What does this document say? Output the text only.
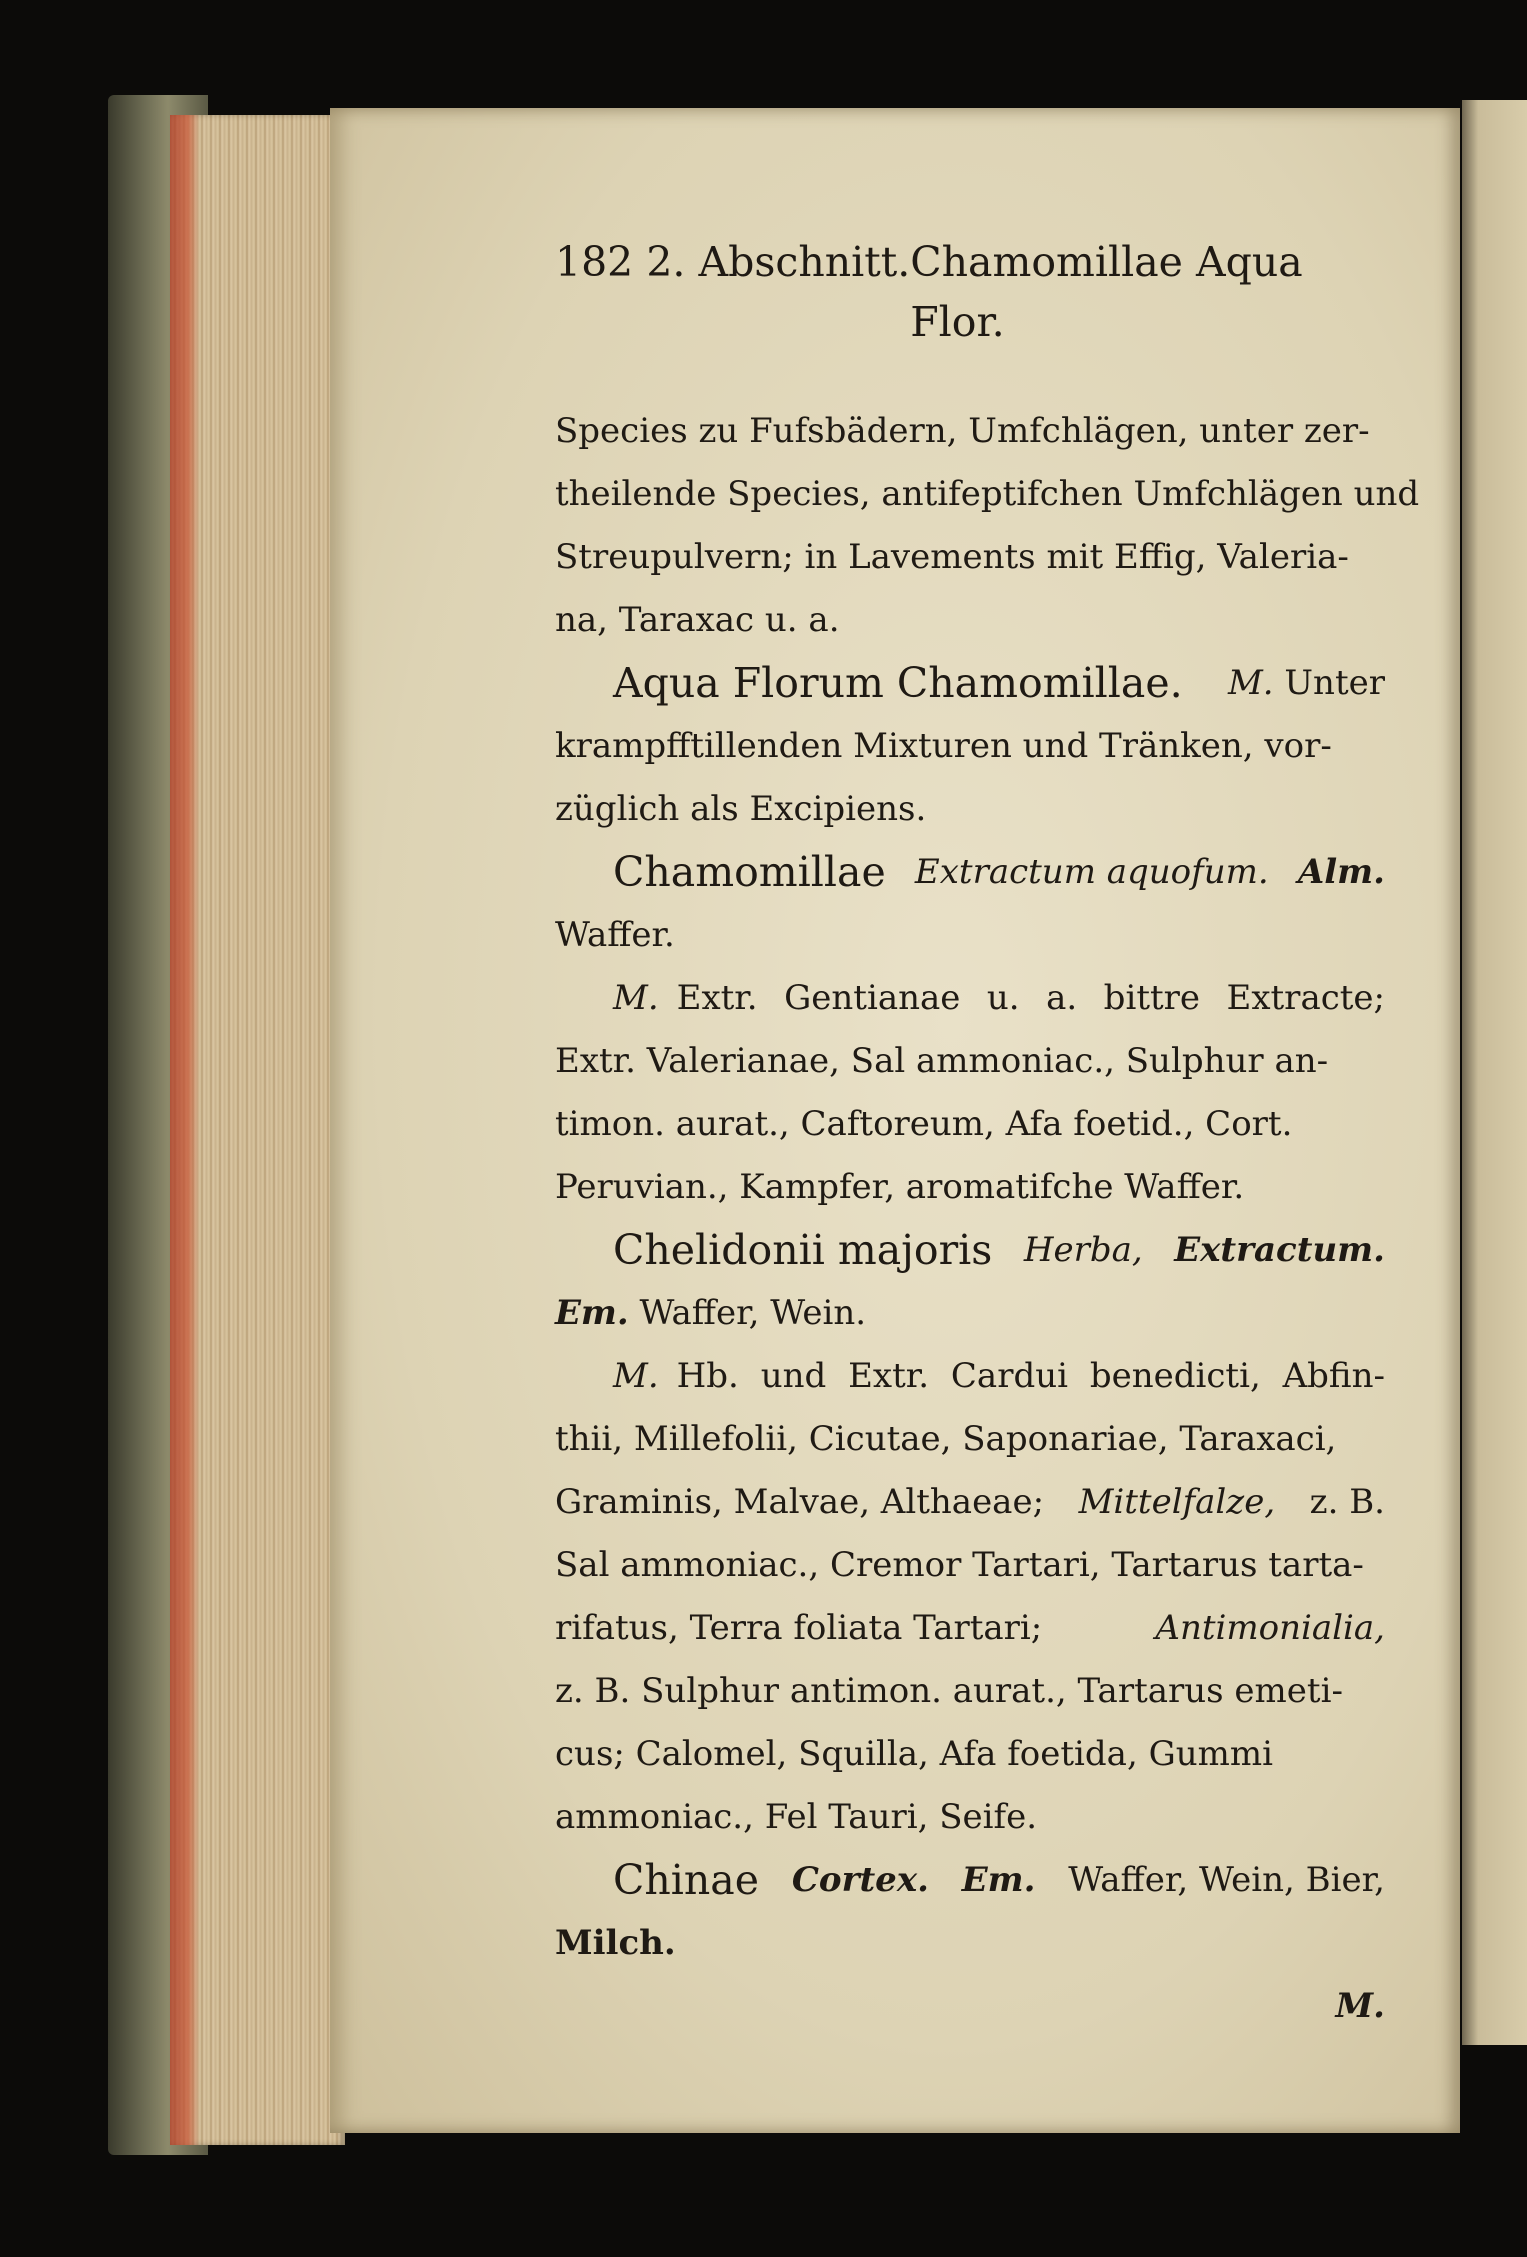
182 2. Abschnitt. Chamomillae Aqua Flor.
Species zu Fufsbädern, Umfchlägen, unter zer-
theilende Species, antifeptifchen Umfchlägen und
Streupulvern; in Lavements mit Effig, Valeria-
na, Taraxac u. a.
Aqua Florum Chamomillae. M. Unter
krampfftillenden Mixturen und Tränken, vor-
züglich als Excipiens.
Chamomillae Extractum aquofum. Alm.
Waffer.
M. Extr. Gentianae u. a. bittre Extracte;
Extr. Valerianae, Sal ammoniac., Sulphur an-
timon. aurat., Caftoreum, Afa foetid., Cort.
Peruvian., Kampfer, aromatifche Waffer.
Chelidonii majoris Herba, Extractum.
Em. Waffer, Wein.
M. Hb. und Extr. Cardui benedicti, Abfin-
thii, Millefolii, Cicutae, Saponariae, Taraxaci,
Graminis, Malvae, Althaeae; Mittelfalze, z. B.
Sal ammoniac., Cremor Tartari, Tartarus tarta-
rifatus, Terra foliata Tartari;	Antimonialia,
z. B. Sulphur antimon. aurat., Tartarus emeti-
cus; Calomel, Squilla, Afa foetida, Gummi
ammoniac., Fel Tauri, Seife.
Chinae Cortex. Em. Waffer, Wein, Bier,
Milch.
M.
